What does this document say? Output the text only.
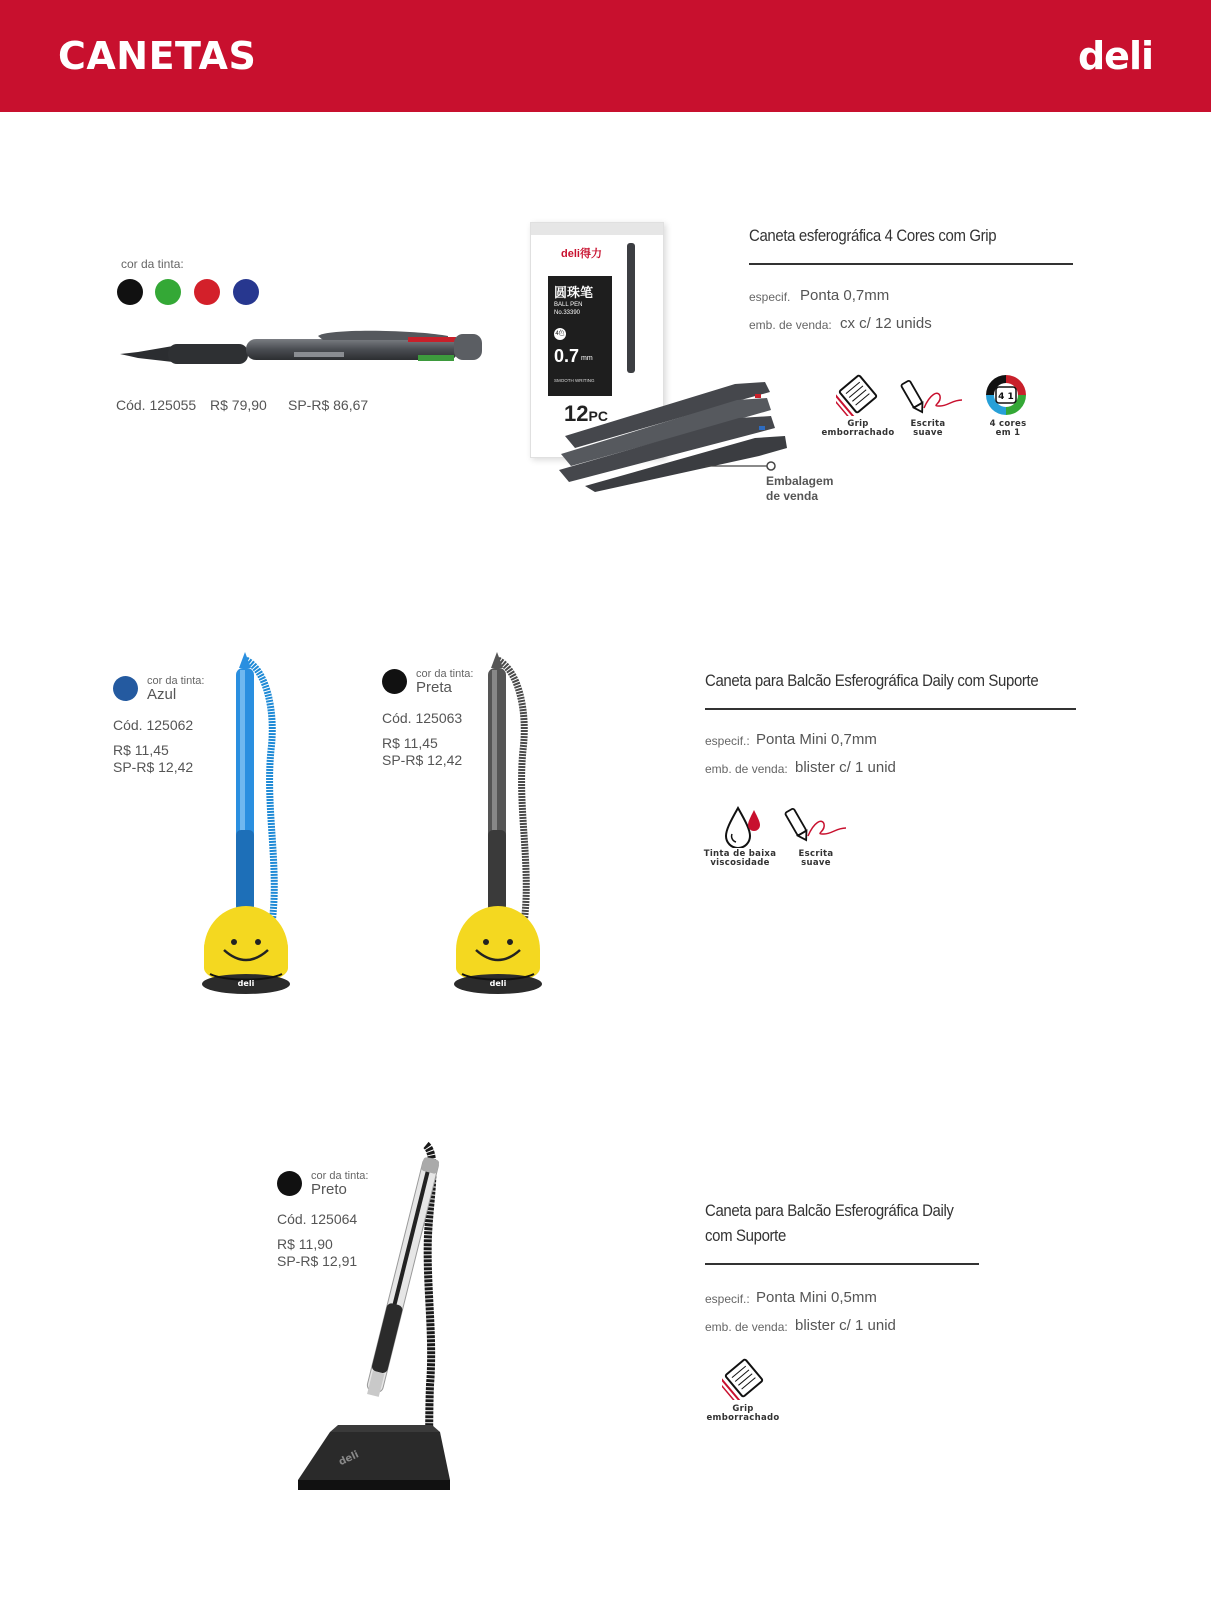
CANETAS	deli
cor da tinta:
Cód. 125055 R$ 79,90 SP-R$ 86,67
deli得力
圆珠笔
BALL PEN
No.33390
4色
0.7 mm
SMOOTH WRITING
12PC
Embalagem
de venda
Caneta esferográfica 4 Cores com Grip
especif. Ponta 0,7mm
emb. de venda: cx c/ 12 unids
Grip
emborrachado
Escrita
suave
4 1
4 cores
em 1
cor da tinta:
Azul
Cód. 125062
R$ 11,45
SP-R$ 12,42
deli
cor da tinta:
Preta
Cód. 125063
R$ 11,45
SP-R$ 12,42
deli
Caneta para Balcão Esferográfica Daily com Suporte
especif.: Ponta Mini 0,7mm
emb. de venda: blister c/ 1 unid
Tinta de baixa
viscosidade
Escrita
suave
cor da tinta:
Preto
Cód. 125064
R$ 11,90
SP-R$ 12,91
deli
Caneta para Balcão Esferográfica Daily
com Suporte
especif.: Ponta Mini 0,5mm
emb. de venda: blister c/ 1 unid
Grip
emborrachado
